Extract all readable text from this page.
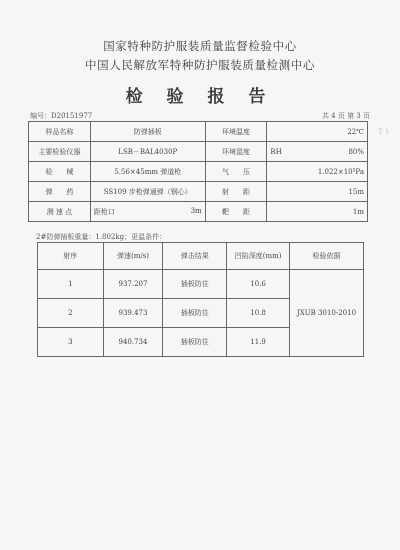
国家特种防护服装质量监督检验中心
中国人民解放军特种防护服装质量检测中心
检 验 报 告
编号：D20151977	共 4 页 第 3 页
样品名称	防弹插板	环境温度	22℃
主要检验仪器	LSB－BAL4030P	环境湿度	RH 80%

检　　械	5.56×45mm 弹道枪	气　　压	1.022×10⁵Pa
弹　　药	SS109 步枪弹通弹（钢心）	射　　距	15m
测 速 点	距枪口 3m	靶　　距	1m
2#防弹插板重量：1.802kg；更温条件：
射序	弹速(m/s)	弹击结果	凹陷深度(mm)	检验依据
1	937.207	插板防住	10.6	JXUB 3010-2010
2	939.473	插板防住	10.8	
3	940.734	插板防住	11.9	
T 1
